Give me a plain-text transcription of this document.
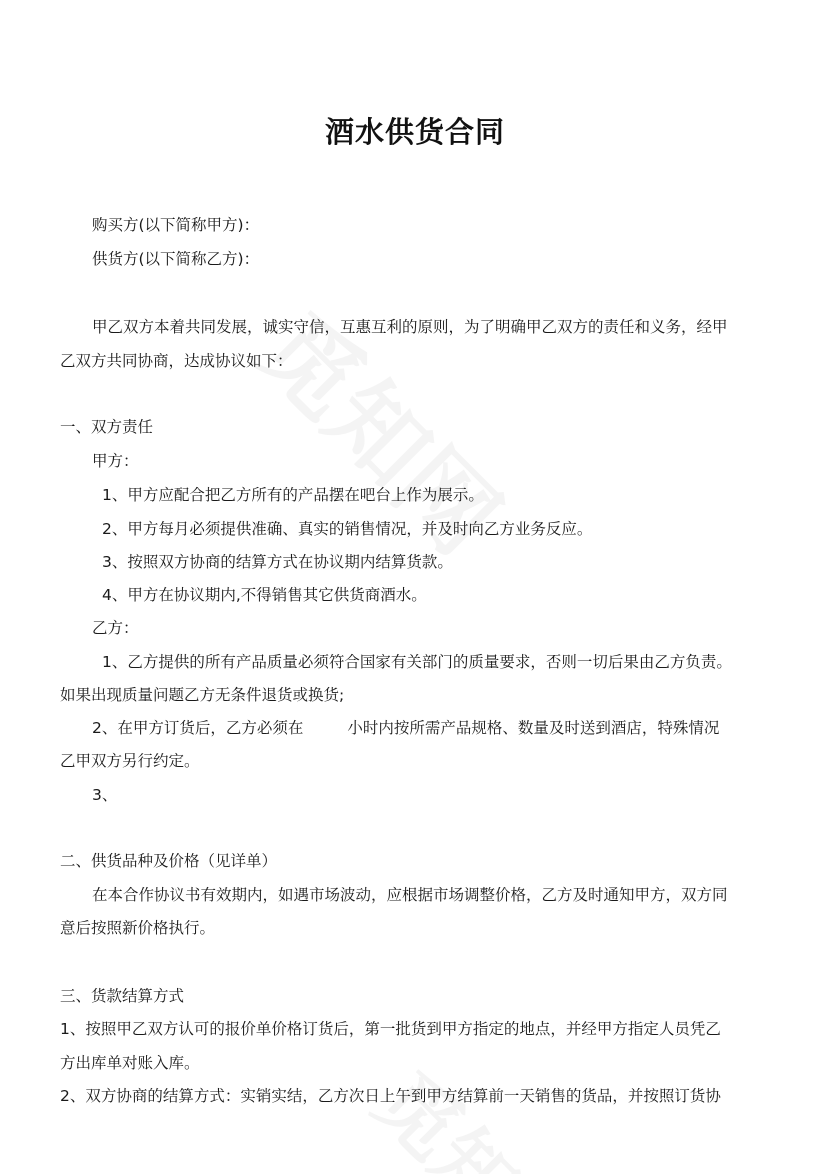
酒水供货合同
购买方(以下简称甲方)：
供货方(以下简称乙方)：
甲乙双方本着共同发展，诚实守信，互惠互利的原则，为了明确甲乙双方的责任和义务，经甲
乙双方共同协商，达成协议如下：
一、双方责任
甲方：
1、甲方应配合把乙方所有的产品摆在吧台上作为展示。
2、甲方每月必须提供准确、真实的销售情况，并及时向乙方业务反应。
3、按照双方协商的结算方式在协议期内结算货款。
4、甲方在协议期内,不得销售其它供货商酒水。
乙方：
1、乙方提供的所有产品质量必须符合国家有关部门的质量要求，否则一切后果由乙方负责。
如果出现质量问题乙方无条件退货或换货;
2、在甲方订货后，乙方必须在	小时内按所需产品规格、数量及时送到酒店，特殊情况
乙甲双方另行约定。
3、
二、供货品种及价格（见详单）
在本合作协议书有效期内，如遇市场波动，应根据市场调整价格，乙方及时通知甲方，双方同
意后按照新价格执行。
三、货款结算方式
1、按照甲乙双方认可的报价单价格订货后，第一批货到甲方指定的地点，并经甲方指定人员凭乙
方出库单对账入库。
2、双方协商的结算方式：实销实结，乙方次日上午到甲方结算前一天销售的货品，并按照订货协
